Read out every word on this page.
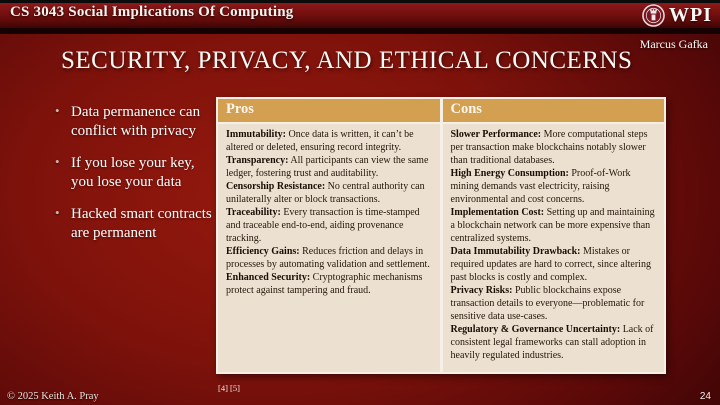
CS 3043 Social Implications Of Computing	WPI
Marcus Gafka
SECURITY, PRIVACY, AND ETHICAL CONCERNS
• Data permanence can conflict with privacy
• If you lose your key, you lose your data
• Hacked smart contracts are permanent
Pros
Immutability: Once data is written, it can’t be altered or deleted, ensuring record integrity.
Transparency: All participants can view the same ledger, fostering trust and auditability.
Censorship Resistance: No central authority can unilaterally alter or block transactions.
Traceability: Every transaction is time-stamped and traceable end-to-end, aiding provenance tracking.
Efficiency Gains: Reduces friction and delays in processes by automating validation and settlement.
Enhanced Security: Cryptographic mechanisms protect against tampering and fraud.
Cons
Slower Performance: More computational steps per transaction make blockchains notably slower than traditional databases.
High Energy Consumption: Proof-of-Work mining demands vast electricity, raising environmental and cost concerns.
Implementation Cost: Setting up and maintaining a blockchain network can be more expensive than centralized systems.
Data Immutability Drawback: Mistakes or required updates are hard to correct, since altering past blocks is costly and complex.
Privacy Risks: Public blockchains expose transaction details to everyone—problematic for sensitive data use-cases.
Regulatory & Governance Uncertainty: Lack of consistent legal frameworks can stall adoption in heavily regulated industries.
[4] [5]
© 2025 Keith A. Pray	24
